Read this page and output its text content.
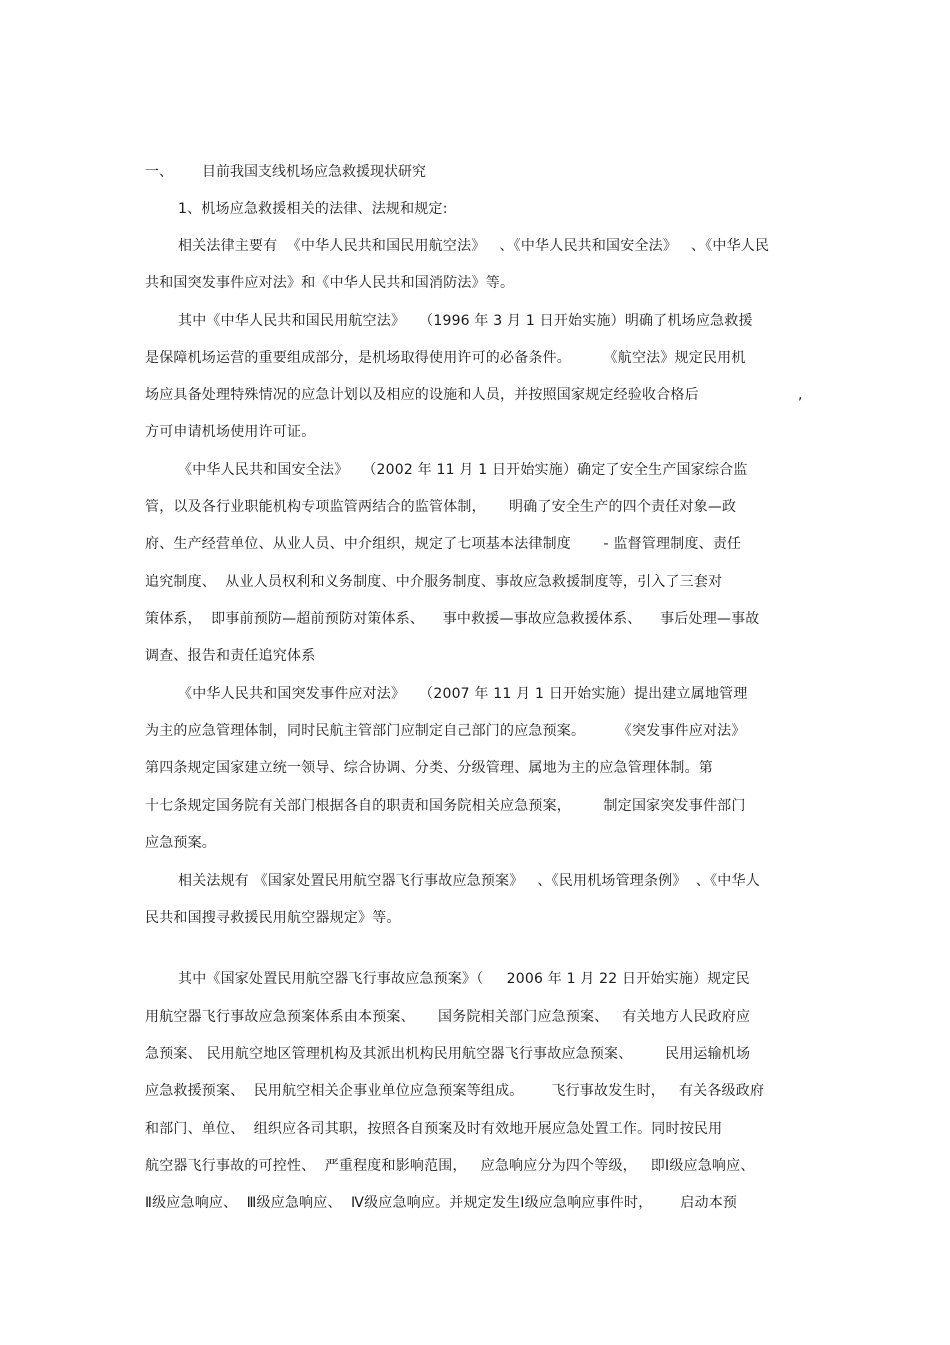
一、 目前我国支线机场应急救援现状研究
1、机场应急救援相关的法律、法规和规定:
相关法律主要有  《中华人民共和国民用航空法》   、《中华人民共和国安全法》   、《中华人民
共和国突发事件应对法》和《中华人民共和国消防法》等。
其中《中华人民共和国民用航空法》   （1996 年 3 月 1 日开始实施）明确了机场应急救援
是保障机场运营的重要组成部分，是机场取得使用许可的必备条件。       《航空法》规定民用机
场应具备处理特殊情况的应急计划以及相应的设施和人员，并按照国家规定经验收合格后	,
方可申请机场使用许可证。
《中华人民共和国安全法》   （2002 年 11 月 1 日开始实施）确定了安全生产国家综合监
管，以及各行业职能机构专项监管两结合的监管体制，     明确了安全生产的四个责任对象—政
府、生产经营单位、从业人员、中介组织，规定了七项基本法律制度       - 监督管理制度、责任
追究制度、  从业人员权利和义务制度、中介服务制度、事故应急救援制度等，引入了三套对
策体系，  即事前预防—超前预防对策体系、    事中救援—事故应急救援体系、    事后处理—事故
调查、报告和责任追究体系
《中华人民共和国突发事件应对法》   （2007 年 11 月 1 日开始实施）提出建立属地管理
为主的应急管理体制，同时民航主管部门应制定自己部门的应急预案。       《突发事件应对法》
第四条规定国家建立统一领导、综合协调、分类、分级管理、属地为主的应急管理体制。第
十七条规定国务院有关部门根据各自的职责和国务院相关应急预案，       制定国家突发事件部门
应急预案。
相关法规有 《国家处置民用航空器飞行事故应急预案》   、《民用机场管理条例》  、《中华人
民共和国搜寻救援民用航空器规定》等。
其中《国家处置民用航空器飞行事故应急预案》（     2006 年 1 月 22 日开始实施）规定民
用航空器飞行事故应急预案体系由本预案、     国务院相关部门应急预案、   有关地方人民政府应
急预案、 民用航空地区管理机构及其派出机构民用航空器飞行事故应急预案、       民用运输机场
应急救援预案、  民用航空相关企事业单位应急预案等组成。      飞行事故发生时，   有关各级政府
和部门、单位、  组织应各司其职，按照各自预案及时有效地开展应急处置工作。同时按民用
航空器飞行事故的可控性、  严重程度和影响范围，   应急响应分为四个等级，   即Ⅰ级应急响应、
Ⅱ级应急响应、  Ⅲ级应急响应、  Ⅳ级应急响应。并规定发生Ⅰ级应急响应事件时，      启动本预
